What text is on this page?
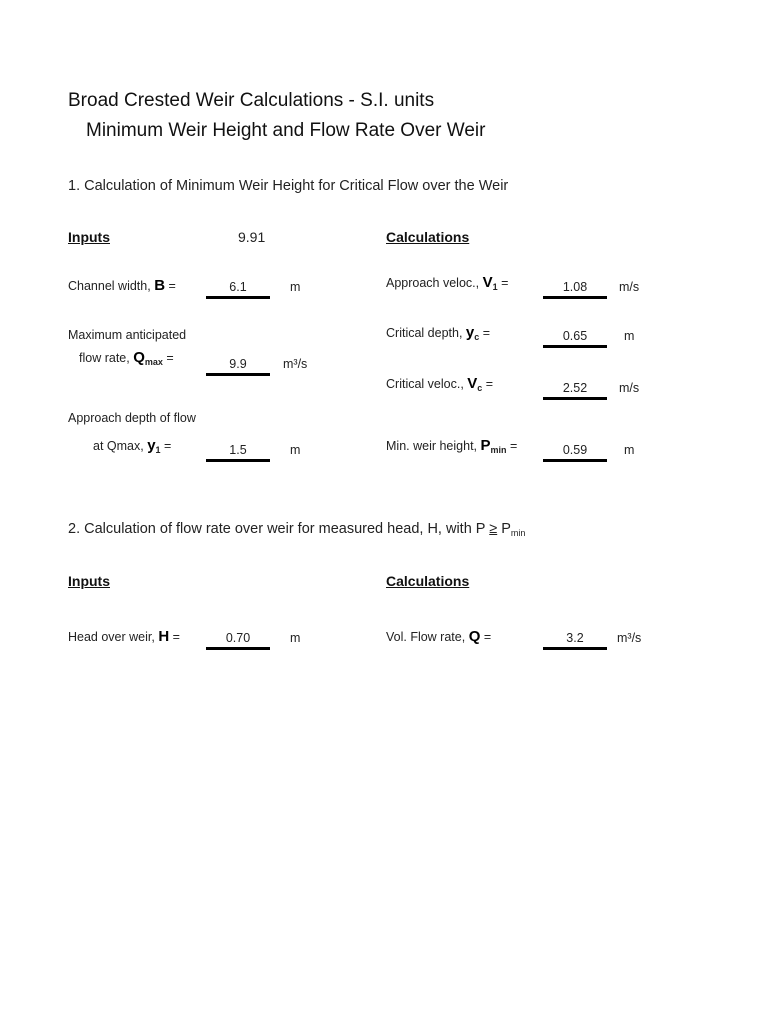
Broad Crested Weir Calculations - S.I. units
Minimum Weir Height and Flow Rate Over Weir
1. Calculation of Minimum Weir Height for Critical Flow over the Weir
Inputs	9.91	Calculations
Channel width, B =	6.1	m
Maximum anticipated
flow rate, $Q_{max}$ =	9.9	m³/s
Approach depth of flow
at Qmax, $y_1$ =	1.5	m
Approach veloc., $V_1$ =	1.08	m/s
Critical depth, $y_c$ =	0.65	m
Critical veloc., $V_c$ =	2.52	m/s
Min. weir height, $P_{min}$ =	0.59	m
2. Calculation of flow rate over weir for measured head, H, with $P \ge P_{min}$
Inputs	Calculations
Head over weir, H =	0.70	m	Vol. Flow rate, Q =	3.2	m³/s
